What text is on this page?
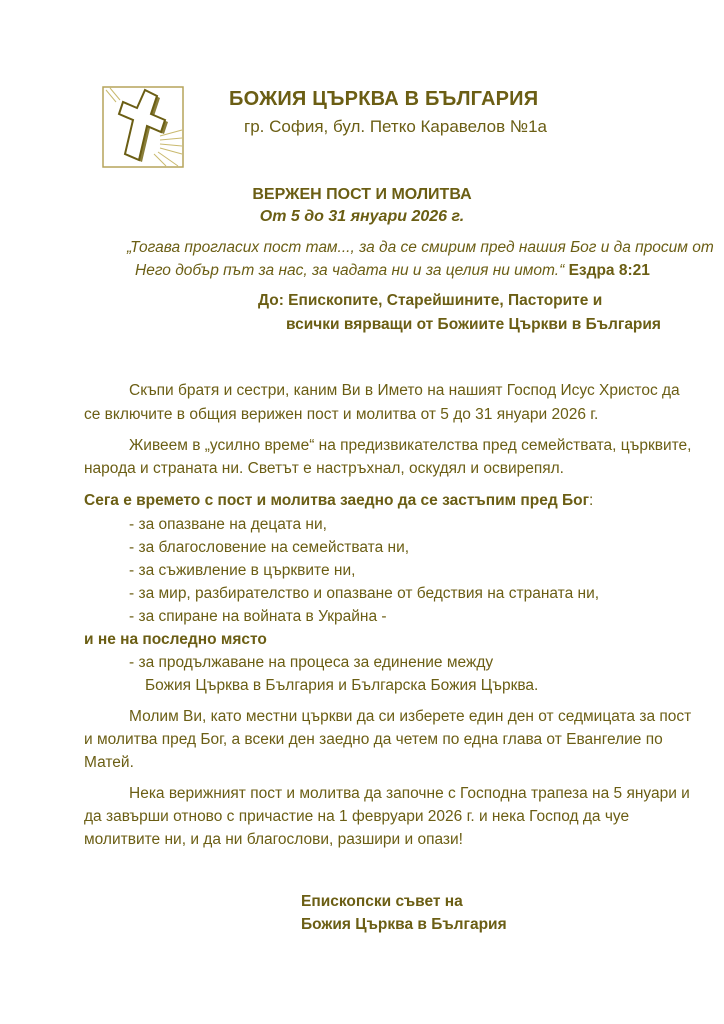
БОЖИЯ ЦЪРКВА В БЪЛГАРИЯ

гр. София, бул. Петко Каравелов №1а

ВЕРЖЕН ПОСТ И МОЛИТВА

От 5 до 31 януари 2026 г.

„Тогава прогласих пост там..., за да се смирим пред нашия Бог и да просим от

Него добър път за нас, за чадата ни и за целия ни имот.“ Ездра 8:21

До: Епископите, Старейшините, Пасторите и

всички вярващи от Божиите Църкви в България

Скъпи братя и сестри, каним Ви в Името на нашият Господ Исус Христос да

се включите в общия верижен пост и молитва от 5 до 31 януари 2026 г.

Живеем в „усилно време“ на предизвикателства пред семействата, църквите,

народа и страната ни. Светът е настръхнал, оскудял и освирепял.

Сега е времето с пост и молитва заедно да се застъпим пред Бог:

- за опазване на децата ни,

- за благословение на семействата ни,

- за съживление в църквите ни,

- за мир, разбирателство и опазване от бедствия на страната ни,

- за спиране на войната в Украйна -

и не на последно място

- за продължаване на процеса за единение между

Божия Църква в България и Българска Божия Църква.

Молим Ви, като местни църкви да си изберете един ден от седмицата за пост

и молитва пред Бог, а всеки ден заедно да четем по една глава от Евангелие по

Матей.

Нека верижният пост и молитва да започне с Господна трапеза на 5 януари и

да завърши отново с причастие на 1 февруари 2026 г. и нека Господ да чуе

молитвите ни, и да ни благослови, разшири и опази!

Епископски съвет на

Божия Църква в България
